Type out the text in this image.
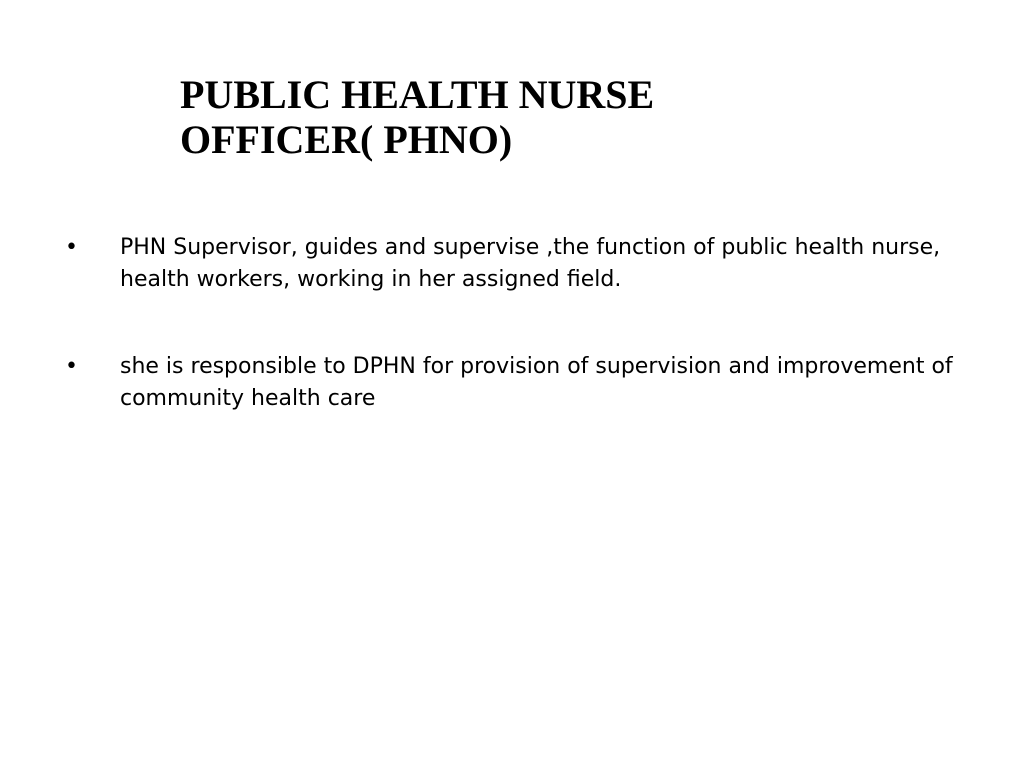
PUBLIC HEALTH NURSE
OFFICER( PHNO)
• PHN Supervisor, guides and supervise ,the function of public health nurse, health workers, working in her assigned field.
• she is responsible to DPHN for provision of supervision and improvement of community health care
